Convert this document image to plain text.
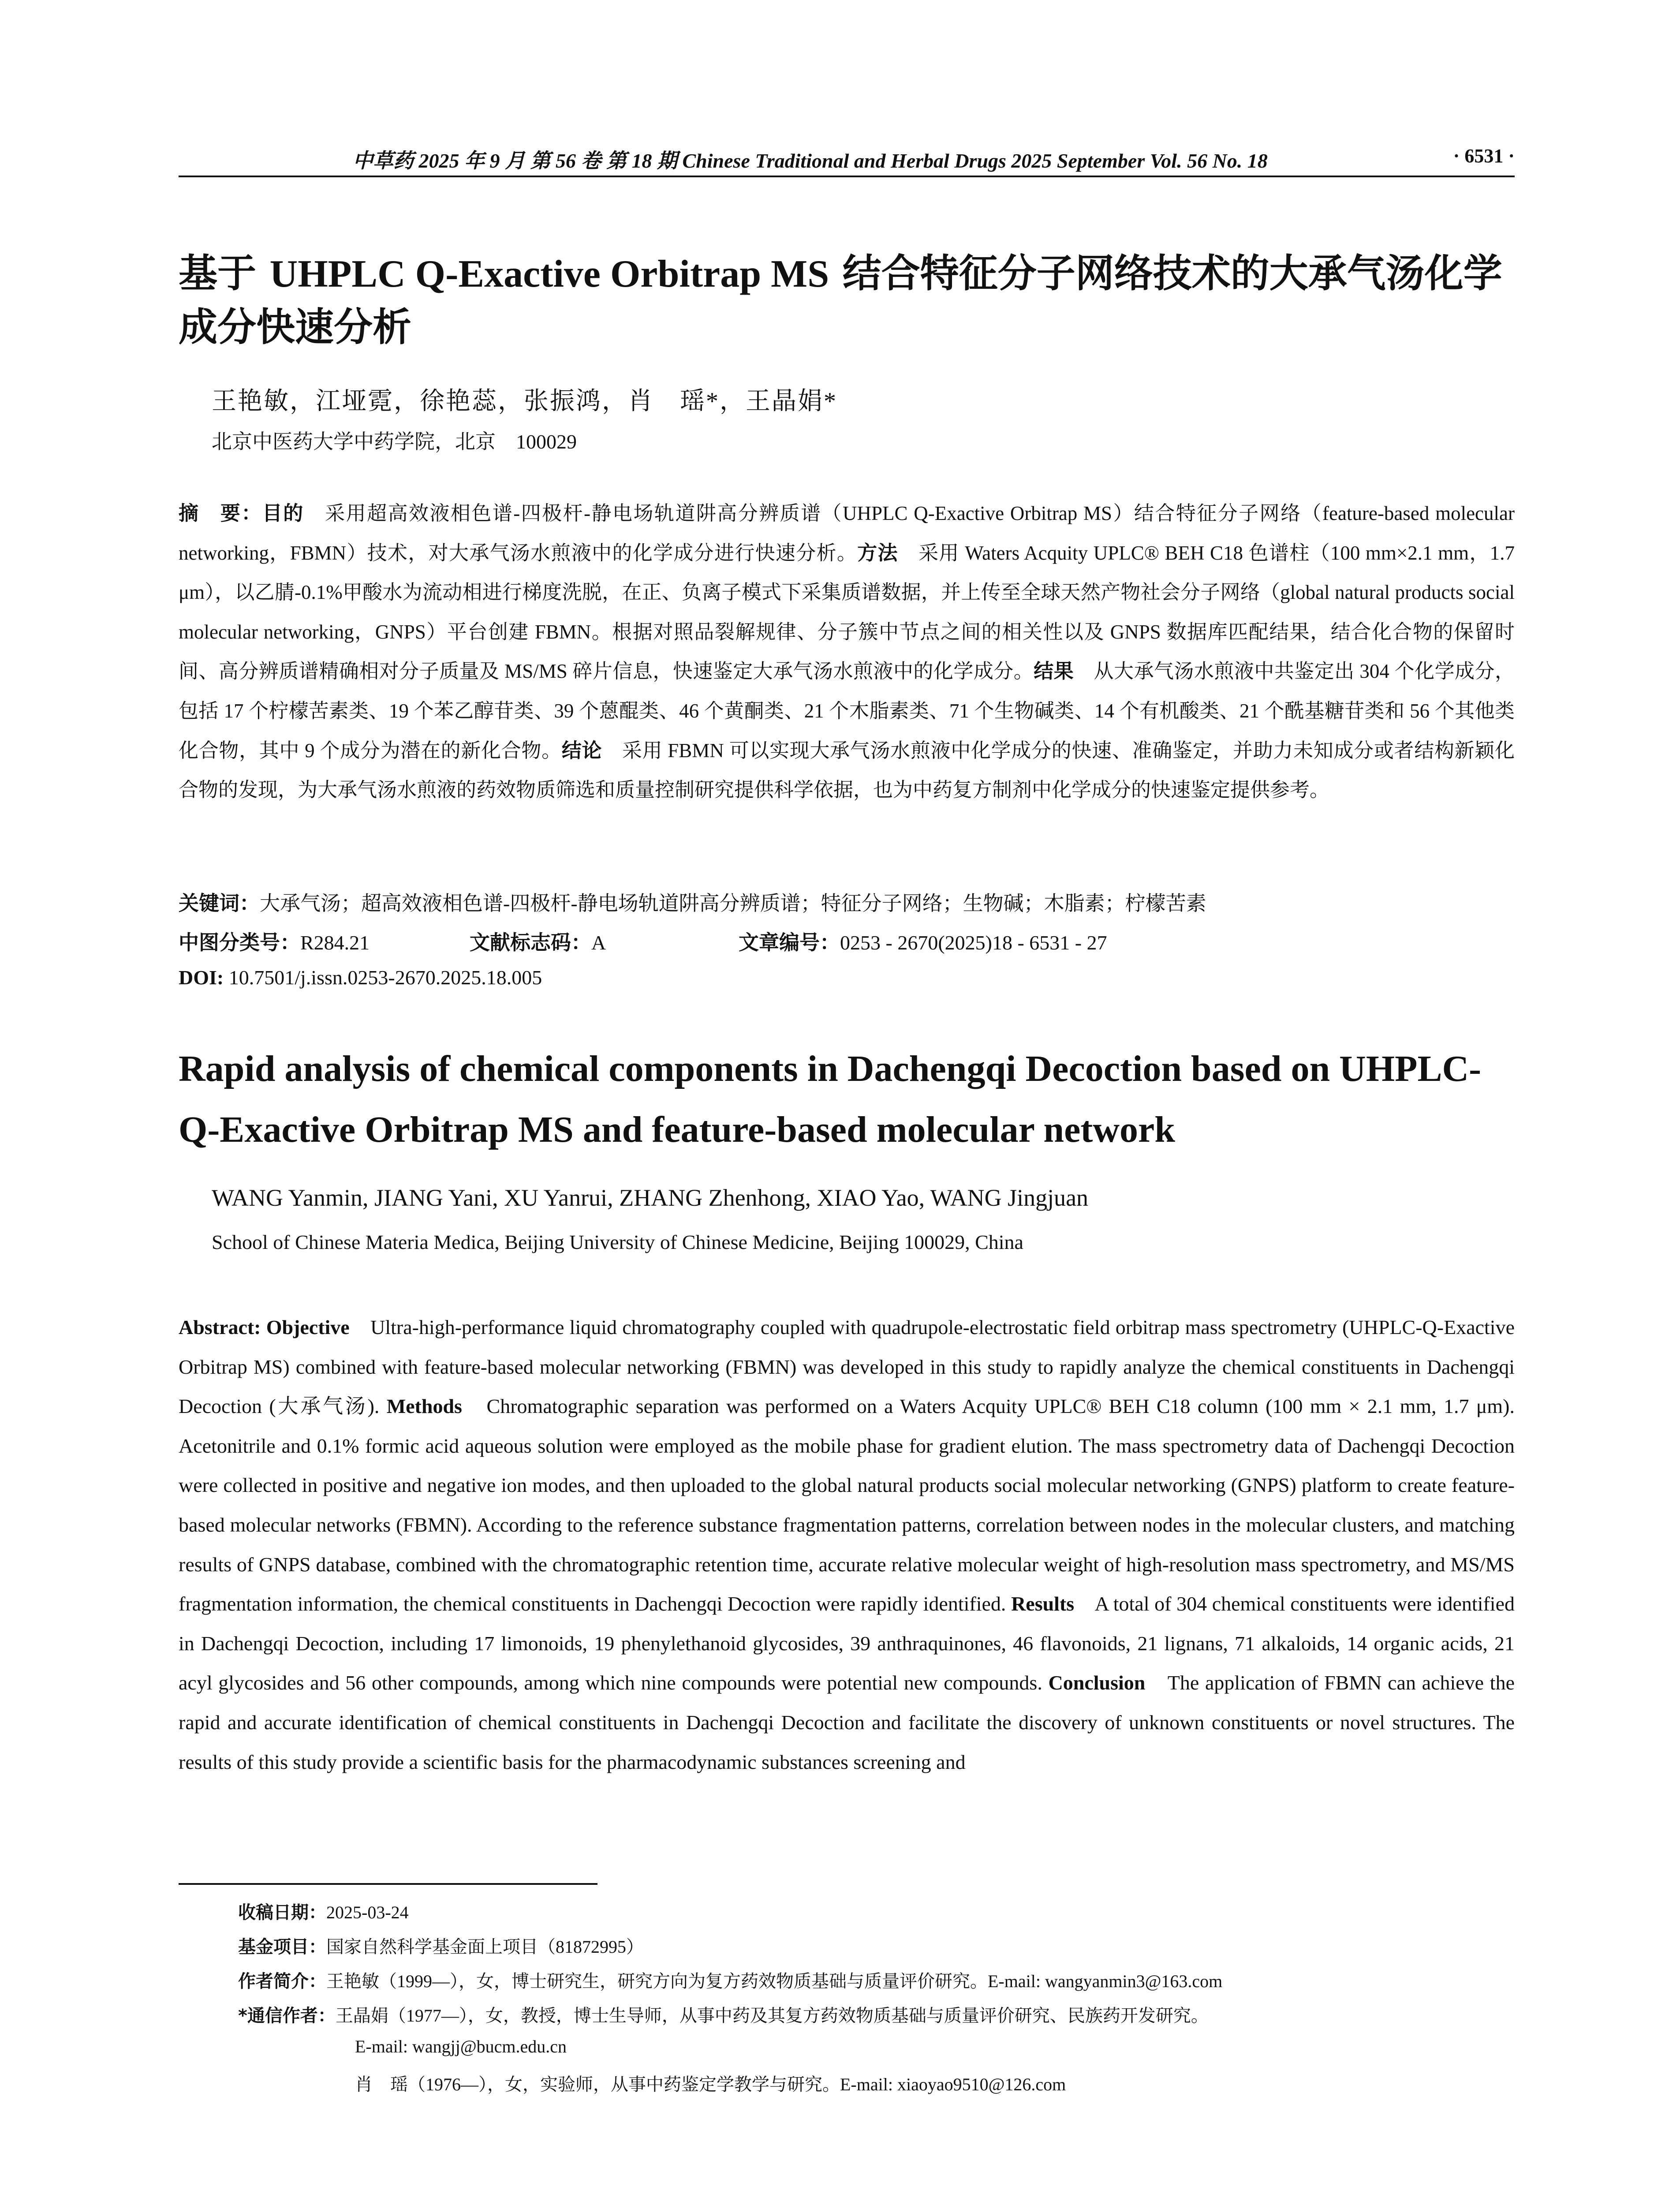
中草药 2025 年 9 月 第 56 卷 第 18 期 Chinese Traditional and Herbal Drugs 2025 September Vol. 56 No. 18	· 6531 ·
基于 UHPLC Q-Exactive Orbitrap MS 结合特征分子网络技术的大承气汤化学成分快速分析
王艳敏，江垭霓，徐艳蕊，张振鸿，肖　瑶*，王晶娟*
北京中医药大学中药学院，北京　100029
摘　要：目的　采用超高效液相色谱-四极杆-静电场轨道阱高分辨质谱（UHPLC Q-Exactive Orbitrap MS）结合特征分子网络（feature-based molecular networking，FBMN）技术，对大承气汤水煎液中的化学成分进行快速分析。方法　采用 Waters Acquity UPLC® BEH C18 色谱柱（100 mm×2.1 mm，1.7 μm），以乙腈-0.1%甲酸水为流动相进行梯度洗脱，在正、负离子模式下采集质谱数据，并上传至全球天然产物社会分子网络（global natural products social molecular networking，GNPS）平台创建 FBMN。根据对照品裂解规律、分子簇中节点之间的相关性以及 GNPS 数据库匹配结果，结合化合物的保留时间、高分辨质谱精确相对分子质量及 MS/MS 碎片信息，快速鉴定大承气汤水煎液中的化学成分。结果　从大承气汤水煎液中共鉴定出 304 个化学成分，包括 17 个柠檬苦素类、19 个苯乙醇苷类、39 个蒽醌类、46 个黄酮类、21 个木脂素类、71 个生物碱类、14 个有机酸类、21 个酰基糖苷类和 56 个其他类化合物，其中 9 个成分为潜在的新化合物。结论　采用 FBMN 可以实现大承气汤水煎液中化学成分的快速、准确鉴定，并助力未知成分或者结构新颖化合物的发现，为大承气汤水煎液的药效物质筛选和质量控制研究提供科学依据，也为中药复方制剂中化学成分的快速鉴定提供参考。
关键词：大承气汤；超高效液相色谱-四极杆-静电场轨道阱高分辨质谱；特征分子网络；生物碱；木脂素；柠檬苦素
中图分类号：R284.21	文献标志码：A	文章编号：0253 - 2670(2025)18 - 6531 - 27
DOI: 10.7501/j.issn.0253-2670.2025.18.005
Rapid analysis of chemical components in Dachengqi Decoction based on UHPLC-Q-Exactive Orbitrap MS and feature-based molecular network
WANG Yanmin, JIANG Yani, XU Yanrui, ZHANG Zhenhong, XIAO Yao, WANG Jingjuan
School of Chinese Materia Medica, Beijing University of Chinese Medicine, Beijing 100029, China
Abstract: Objective　Ultra-high-performance liquid chromatography coupled with quadrupole-electrostatic field orbitrap mass spectrometry (UHPLC-Q-Exactive Orbitrap MS) combined with feature-based molecular networking (FBMN) was developed in this study to rapidly analyze the chemical constituents in Dachengqi Decoction (大承气汤). Methods　Chromatographic separation was performed on a Waters Acquity UPLC® BEH C18 column (100 mm × 2.1 mm, 1.7 μm). Acetonitrile and 0.1% formic acid aqueous solution were employed as the mobile phase for gradient elution. The mass spectrometry data of Dachengqi Decoction were collected in positive and negative ion modes, and then uploaded to the global natural products social molecular networking (GNPS) platform to create feature-based molecular networks (FBMN). According to the reference substance fragmentation patterns, correlation between nodes in the molecular clusters, and matching results of GNPS database, combined with the chromatographic retention time, accurate relative molecular weight of high-resolution mass spectrometry, and MS/MS fragmentation information, the chemical constituents in Dachengqi Decoction were rapidly identified. Results　A total of 304 chemical constituents were identified in Dachengqi Decoction, including 17 limonoids, 19 phenylethanoid glycosides, 39 anthraquinones, 46 flavonoids, 21 lignans, 71 alkaloids, 14 organic acids, 21 acyl glycosides and 56 other compounds, among which nine compounds were potential new compounds. Conclusion　The application of FBMN can achieve the rapid and accurate identification of chemical constituents in Dachengqi Decoction and facilitate the discovery of unknown constituents or novel structures. The results of this study provide a scientific basis for the pharmacodynamic substances screening and
收稿日期：2025-03-24
基金项目：国家自然科学基金面上项目（81872995）
作者简介：王艳敏（1999—），女，博士研究生，研究方向为复方药效物质基础与质量评价研究。E-mail: wangyanmin3@163.com
*通信作者：王晶娟（1977—），女，教授，博士生导师，从事中药及其复方药效物质基础与质量评价研究、民族药开发研究。
E-mail: wangjj@bucm.edu.cn
肖　瑶（1976—），女，实验师，从事中药鉴定学教学与研究。E-mail: xiaoyao9510@126.com
